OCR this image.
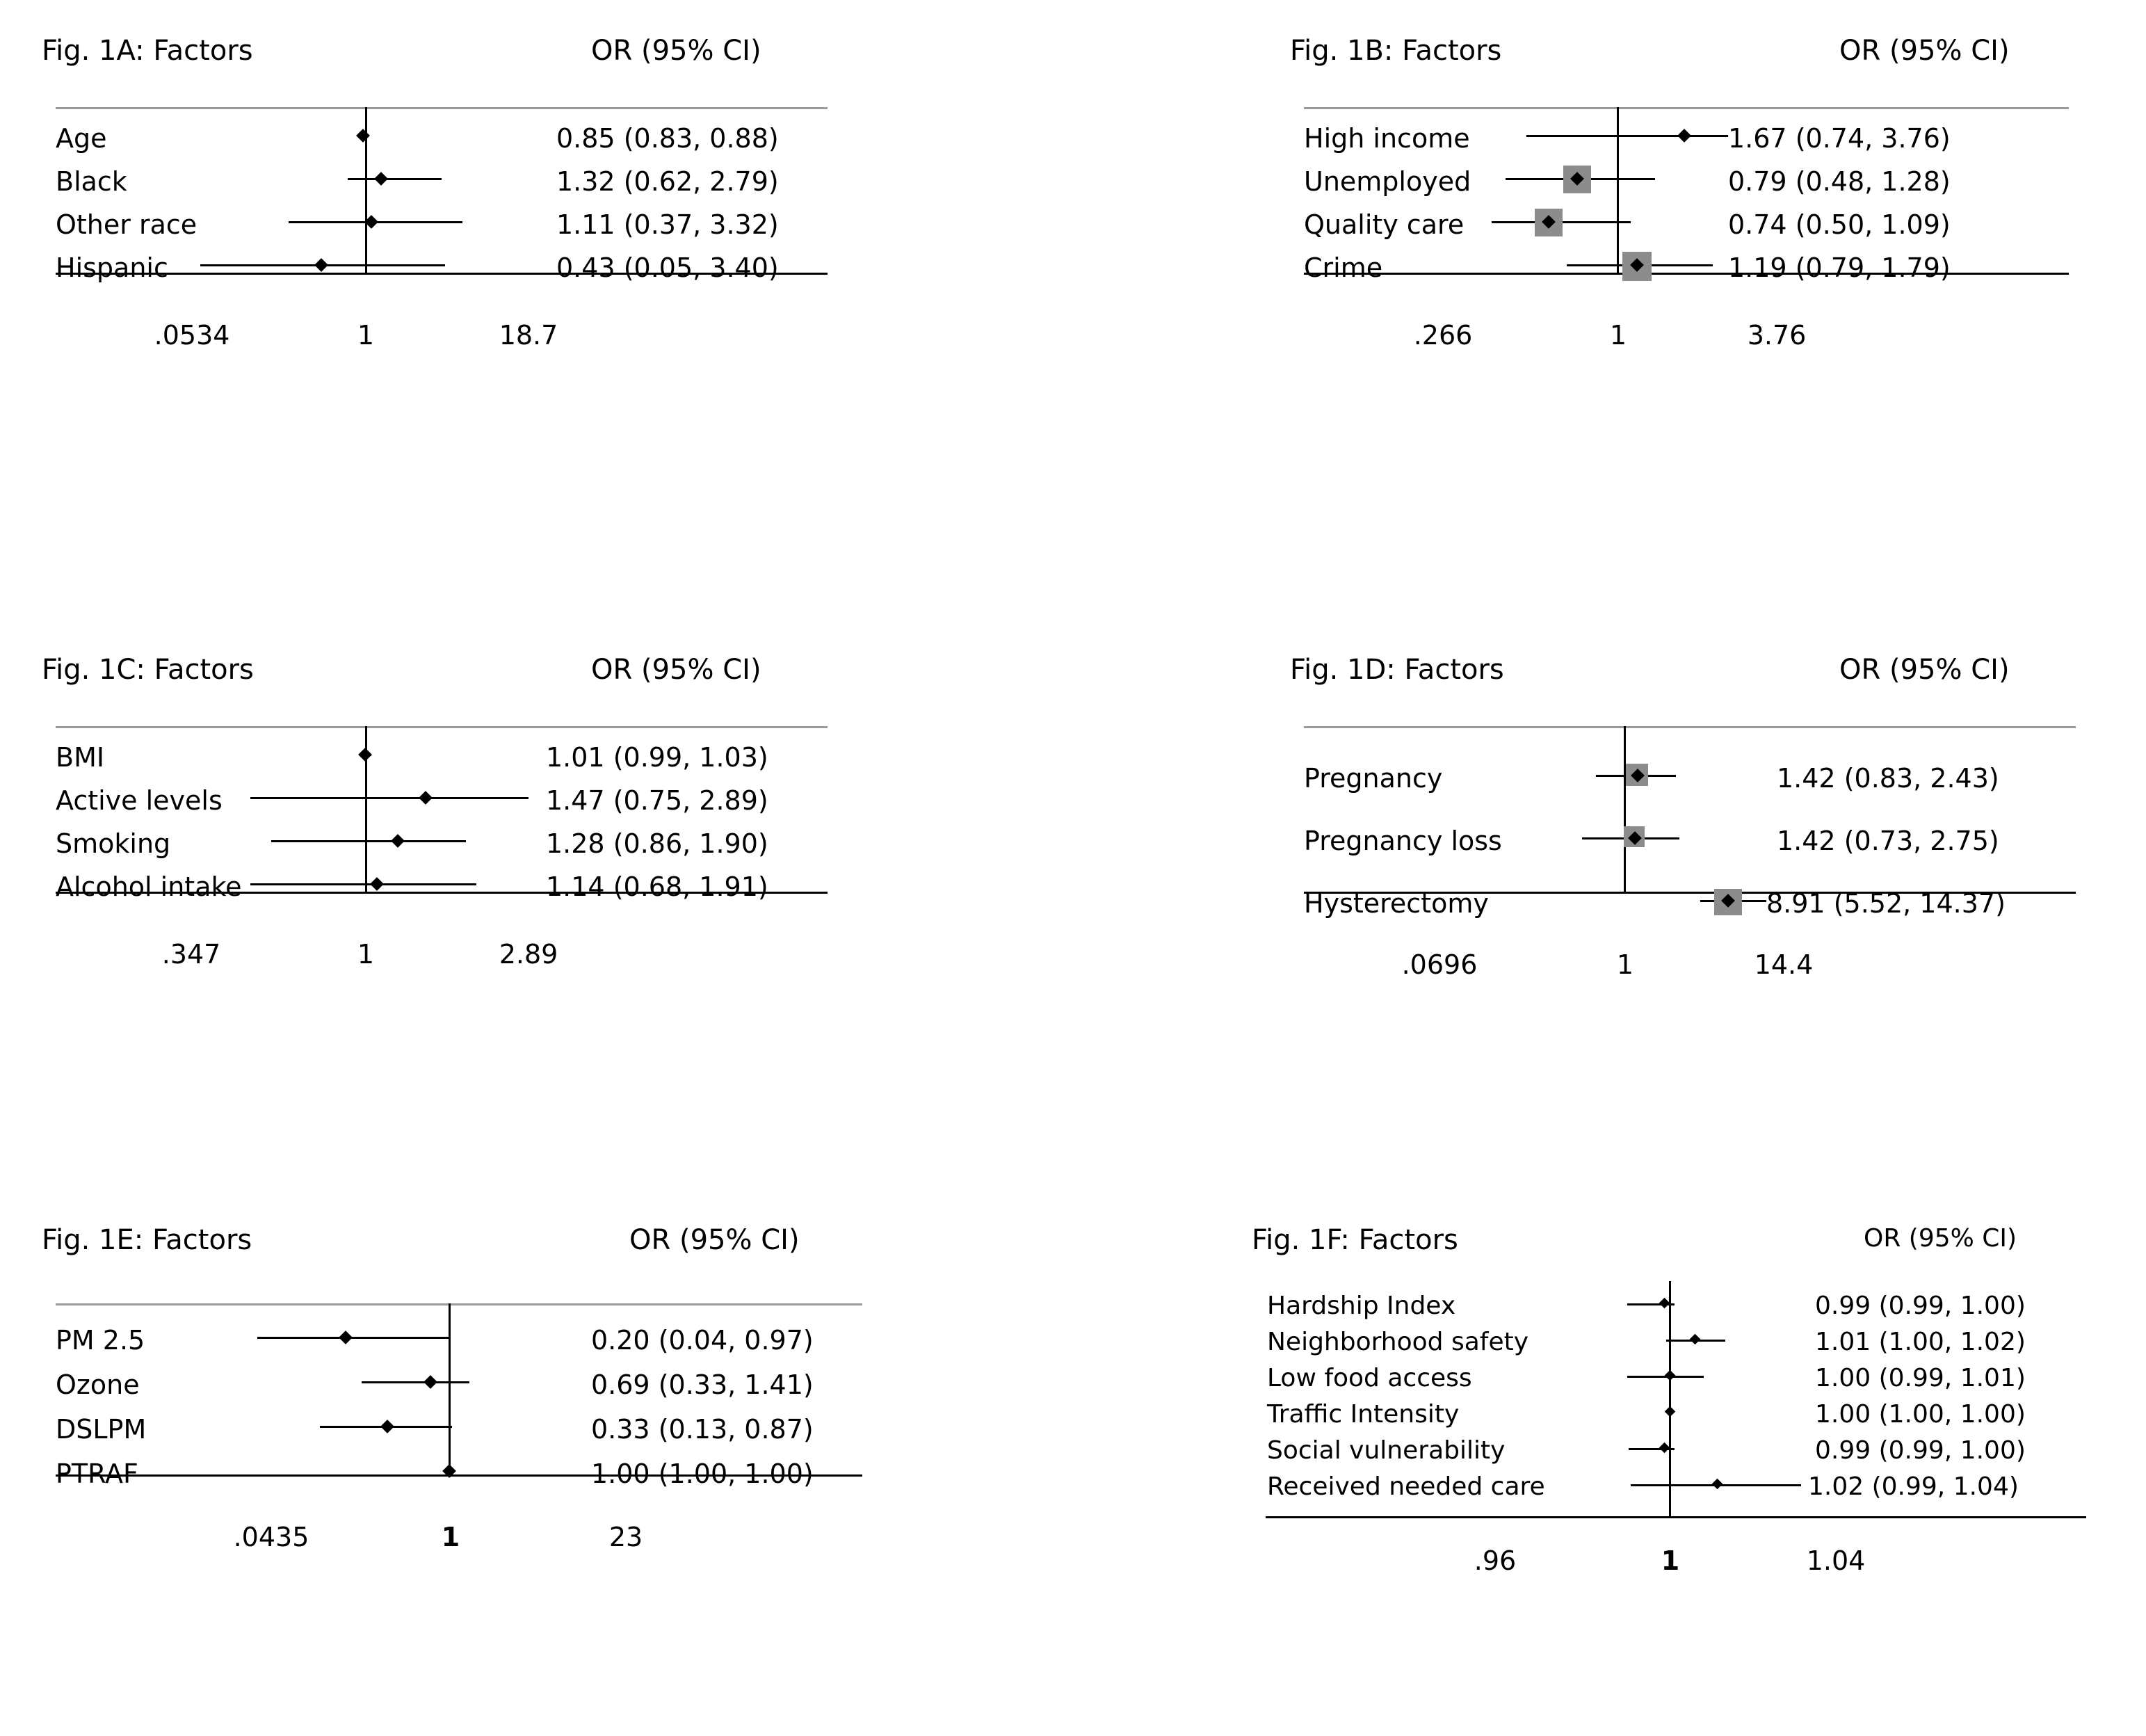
Fig. 1A: Factors	OR (95% CI)
Age	0.85 (0.83, 0.88)
Black	1.32 (0.62, 2.79)
Other race	1.11 (0.37, 3.32)
Hispanic	0.43 (0.05, 3.40)
.0534	1	18.7
Fig. 1B: Factors	OR (95% CI)
High income	1.67 (0.74, 3.76)
Unemployed	0.79 (0.48, 1.28)
Quality care	0.74 (0.50, 1.09)
Crime	1.19 (0.79, 1.79)
.266	1	3.76
Fig. 1C: Factors	OR (95% CI)
BMI	1.01 (0.99, 1.03)
Active levels	1.47 (0.75, 2.89)
Smoking	1.28 (0.86, 1.90)
Alcohol intake	1.14 (0.68, 1.91)
.347	1	2.89
Fig. 1D: Factors	OR (95% CI)
Pregnancy	1.42 (0.83, 2.43)
Pregnancy loss	1.42 (0.73, 2.75)
Hysterectomy	8.91 (5.52, 14.37)
.0696	1	14.4
Fig. 1E: Factors	OR (95% CI)
PM 2.5	0.20 (0.04, 0.97)
Ozone	0.69 (0.33, 1.41)
DSLPM	0.33 (0.13, 0.87)
PTRAF	1.00 (1.00, 1.00)
.0435	1	23
Fig. 1F: Factors	OR (95% CI)
Hardship Index	0.99 (0.99, 1.00)
Neighborhood safety	1.01 (1.00, 1.02)
Low food access	1.00 (0.99, 1.01)
Traffic Intensity	1.00 (1.00, 1.00)
Social vulnerability	0.99 (0.99, 1.00)
Received needed care	1.02 (0.99, 1.04)
.96	1	1.04
